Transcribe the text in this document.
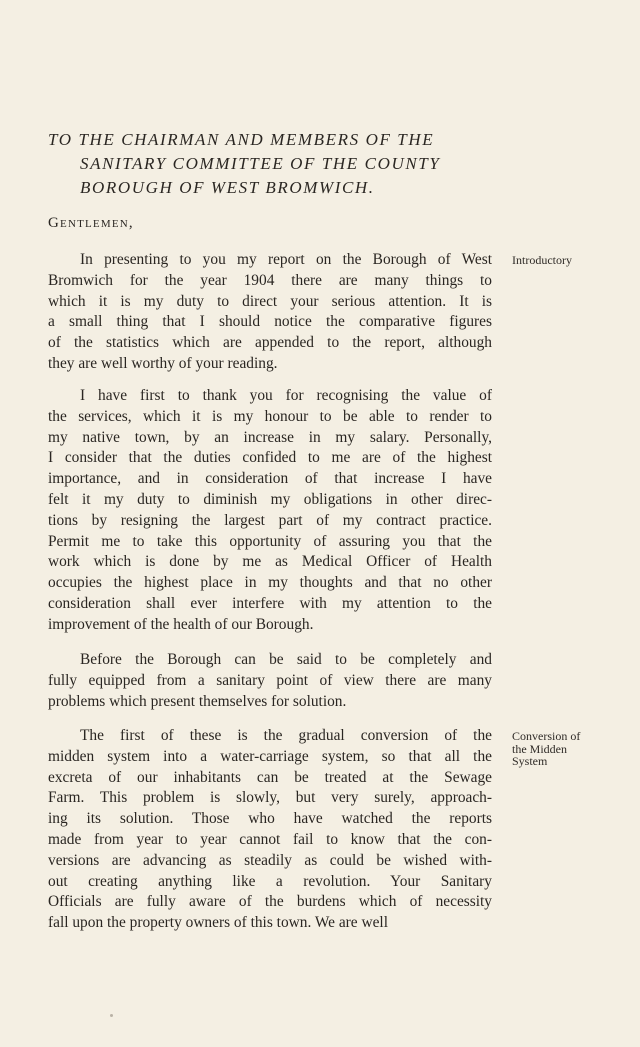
TO THE CHAIRMAN AND MEMBERS OF THE
SANITARY COMMITTEE OF THE COUNTY
BOROUGH OF WEST BROMWICH.
Gentlemen,
In presenting to you my report on the Borough of West
Bromwich for the year 1904 there are many things to
which it is my duty to direct your serious attention. It is
a small thing that I should notice the comparative figures
of the statistics which are appended to the report, although
they are well worthy of your reading.
I have first to thank you for recognising the value of
the services, which it is my honour to be able to render to
my native town, by an increase in my salary. Personally,
I consider that the duties confided to me are of the highest
importance, and in consideration of that increase I have
felt it my duty to diminish my obligations in other direc-
tions by resigning the largest part of my contract practice.
Permit me to take this opportunity of assuring you that the
work which is done by me as Medical Officer of Health
occupies the highest place in my thoughts and that no other
consideration shall ever interfere with my attention to the
improvement of the health of our Borough.
Before the Borough can be said to be completely and
fully equipped from a sanitary point of view there are many
problems which present themselves for solution.
The first of these is the gradual conversion of the
midden system into a water-carriage system, so that all the
excreta of our inhabitants can be treated at the Sewage
Farm. This problem is slowly, but very surely, approach-
ing its solution. Those who have watched the reports
made from year to year cannot fail to know that the con-
versions are advancing as steadily as could be wished with-
out creating anything like a revolution. Your Sanitary
Officials are fully aware of the burdens which of necessity
fall upon the property owners of this town. We are well
Introductory
Conversion of
the Midden
System
